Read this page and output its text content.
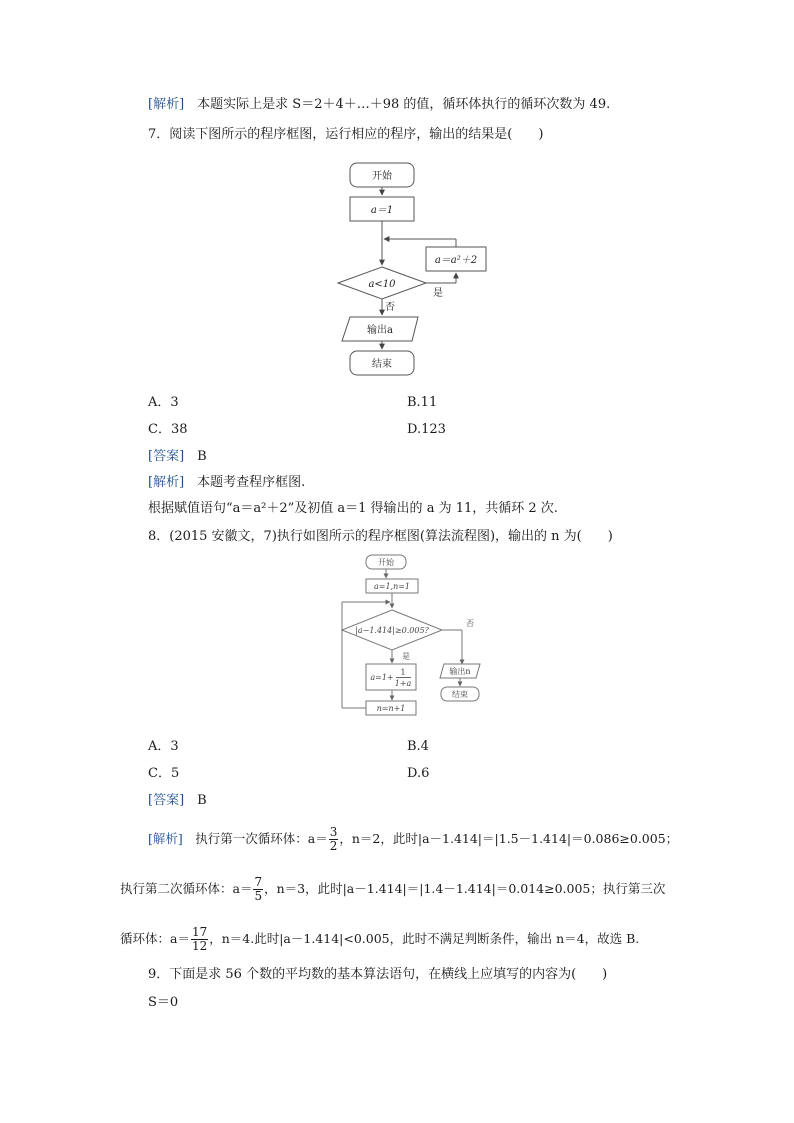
[解析]　本题实际上是求 S＝2＋4＋…＋98 的值，循环体执行的循环次数为 49.
7．阅读下图所示的程序框图，运行相应的程序，输出的结果是(　　)
开始
a＝1
a<10
a＝a²＋2
是
否
输出a
结束
A．3	B.11
C．38	D.123
[答案]　B
[解析]　本题考查程序框图.
根据赋值语句“a＝a²＋2”及初值 a＝1 得输出的 a 为 11，共循环 2 次.
8．(2015 安徽文，7)执行如图所示的程序框图(算法流程图)，输出的 n 为(　　)
开始
a=1,n=1
|a−1.414|≥0.005?
否
是
a=1+
1
1+a
n=n+1
输出n
结束
A．3	B.4
C．5	D.6
[答案]　B
[解析]　执行第一次循环体：$a= \frac{3}{2}$ ，n＝2，此时|a－1.414|＝|1.5－1.414|＝0.086≥0.005；
执行第二次循环体：$a= \frac{7}{5}$ ，n＝3，此时|a－1.414|＝|1.4－1.414|＝0.014≥0.005；执行第三次
循环体：$a= \frac{17}{12}$ ，n＝4.此时|a－1.414|<0.005，此时不满足判断条件，输出 n＝4，故选 B.
9．下面是求 56 个数的平均数的基本算法语句，在横线上应填写的内容为(　　)
S＝0
